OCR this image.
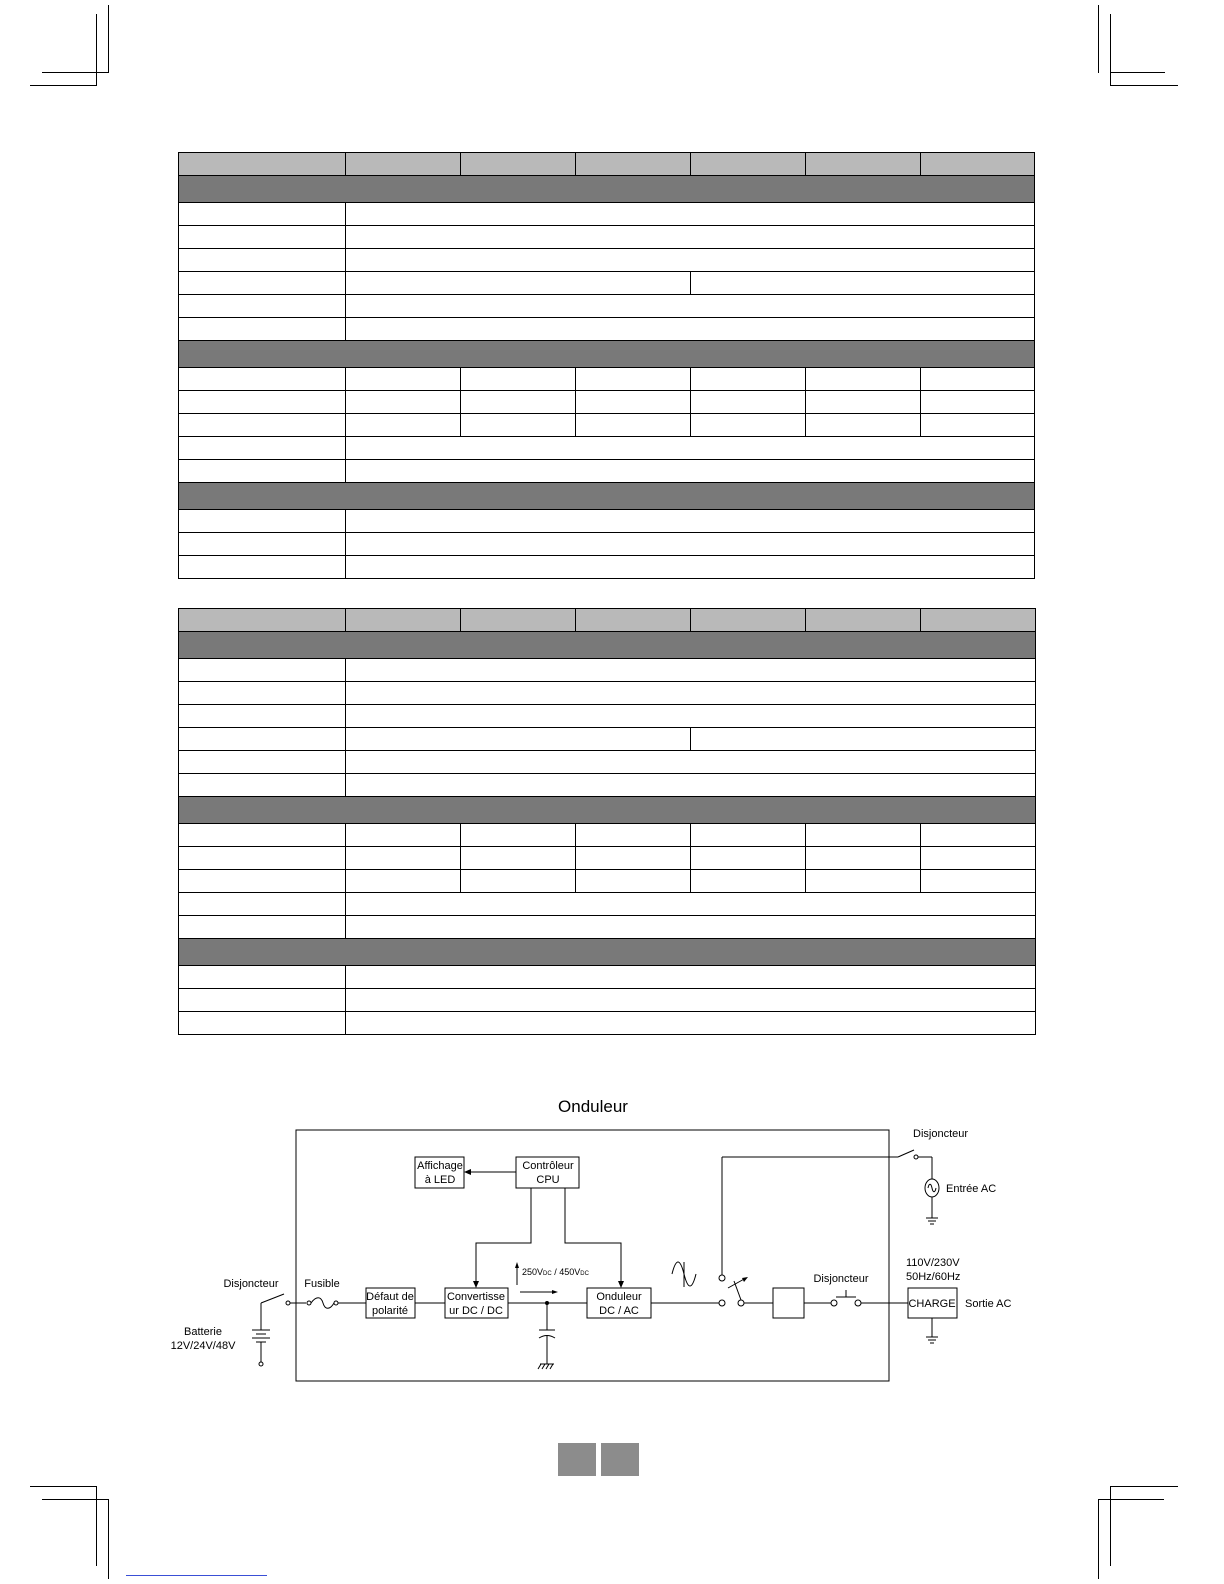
Onduleur
Affichage
à LED
Contrôleur
CPU
Défaut de
polarité
Convertisse
ur DC / DC
Onduleur
DC / AC
250VDC / 450VDC	Disjoncteur
CHARGE
110V/230V
50Hz/60Hz
Sortie AC
Disjoncteur
Entrée AC
Disjoncteur Fusible
Batterie
12V/24V/48V
